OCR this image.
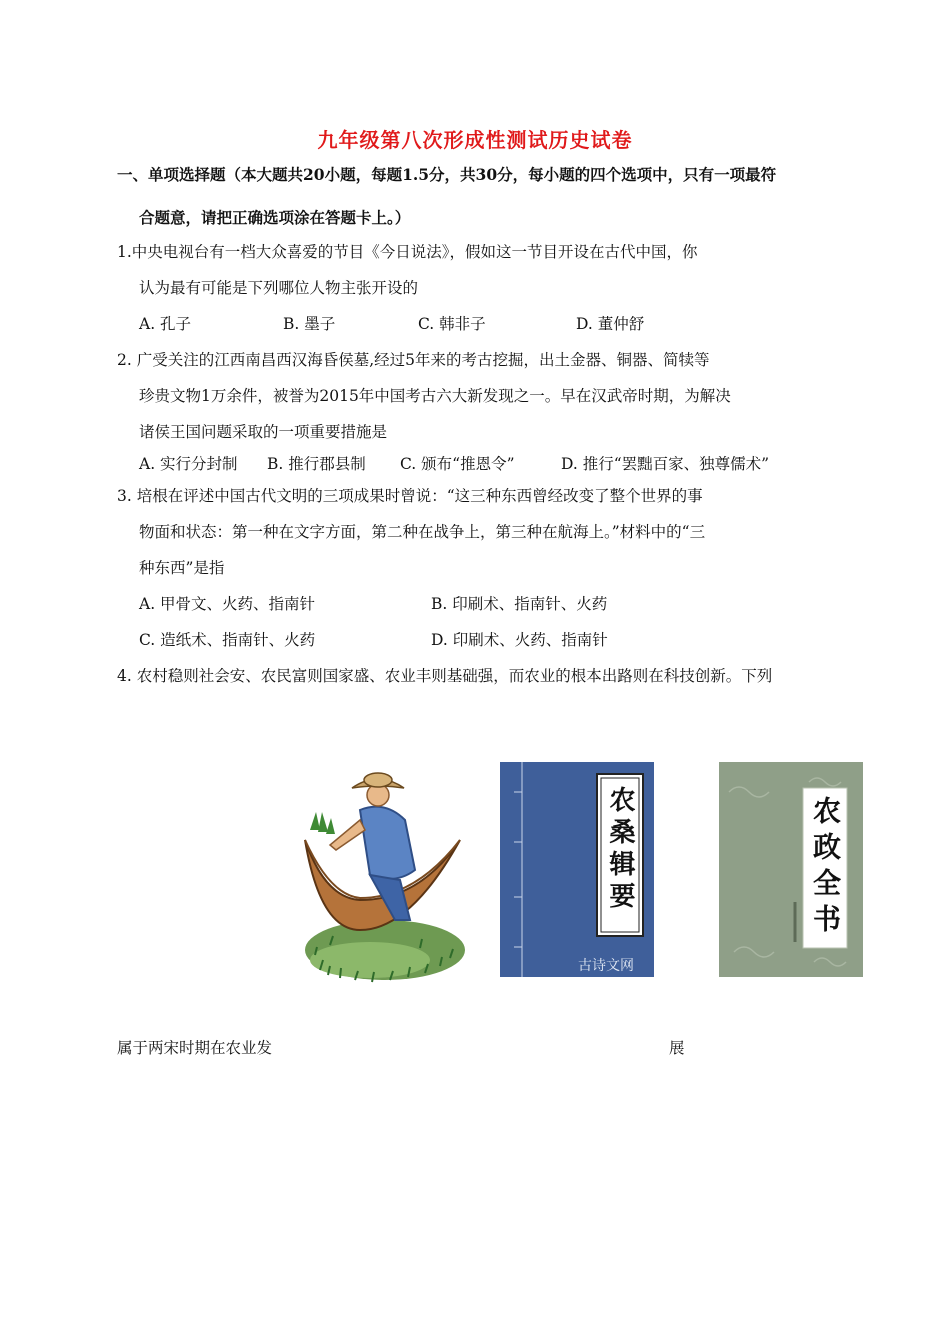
九年级第八次形成性测试历史试卷
一、单项选择题（本大题共20小题，每题1.5分，共30分，每小题的四个选项中，只有一项最符
合题意，请把正确选项涂在答题卡上。）
1.中央电视台有一档大众喜爱的节目《今日说法》，假如这一节目开设在古代中国，你
认为最有可能是下列哪位人物主张开设的
A. 孔子	B. 墨子	C. 韩非子	D. 董仲舒
2. 广受关注的江西南昌西汉海昏侯墓,经过5年来的考古挖掘，出土金器、铜器、简犊等
珍贵文物1万余件，被誉为2015年中国考古六大新发现之一。早在汉武帝时期，为解决
诸侯王国问题采取的一项重要措施是
A. 实行分封制 B. 推行郡县制 C. 颁布“推恩令”	D. 推行“罢黜百家、独尊儒术”
3. 培根在评述中国古代文明的三项成果时曾说：“这三种东西曾经改变了整个世界的事
物面和状态：第一种在文字方面，第二种在战争上，第三种在航海上。”材料中的“三
种东西”是指
A. 甲骨文、火药、指南针	B. 印刷术、指南针、火药
C. 造纸术、指南针、火药	D. 印刷术、火药、指南针
4. 农村稳则社会安、农民富则国家盛、农业丰则基础强，而农业的根本出路则在科技创新。下列
农桑辑要
古诗文网
农政全书
属于两宋时期在农业发	展
